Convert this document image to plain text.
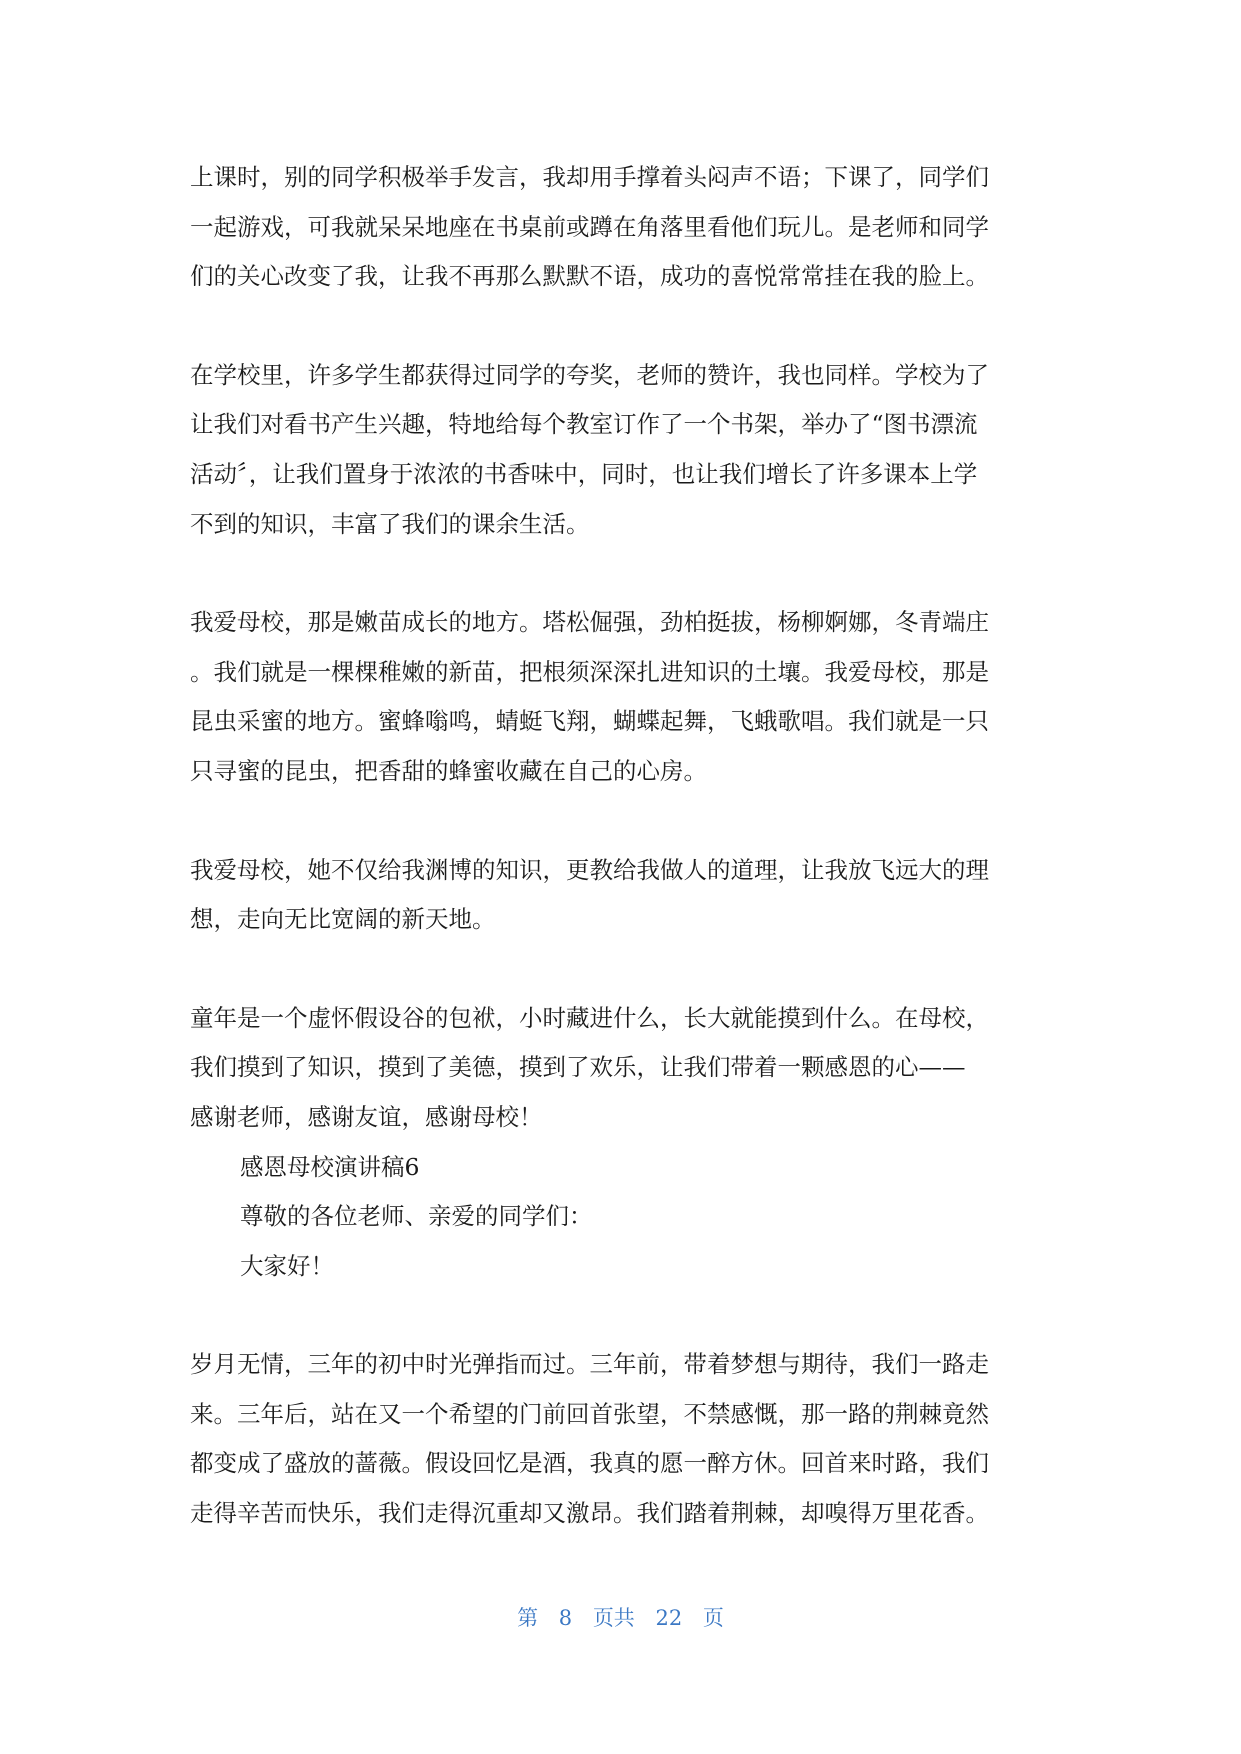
上课时，别的同学积极举手发言，我却用手撑着头闷声不语；下课了，同学们
一起游戏，可我就呆呆地座在书桌前或蹲在角落里看他们玩儿。是老师和同学
们的关心改变了我，让我不再那么默默不语，成功的喜悦常常挂在我的脸上。

在学校里，许多学生都获得过同学的夸奖，老师的赞许，我也同样。学校为了
让我们对看书产生兴趣，特地给每个教室订作了一个书架，举办了“图书漂流
活动〞，让我们置身于浓浓的书香味中，同时，也让我们增长了许多课本上学
不到的知识，丰富了我们的课余生活。

我爱母校，那是嫩苗成长的地方。塔松倔强，劲柏挺拔，杨柳婀娜，冬青端庄
。我们就是一棵棵稚嫩的新苗，把根须深深扎进知识的土壤。我爱母校，那是
昆虫采蜜的地方。蜜蜂嗡鸣，蜻蜓飞翔，蝴蝶起舞，飞蛾歌唱。我们就是一只
只寻蜜的昆虫，把香甜的蜂蜜收藏在自己的心房。

我爱母校，她不仅给我渊博的知识，更教给我做人的道理，让我放飞远大的理
想，走向无比宽阔的新天地。

童年是一个虚怀假设谷的包袱，小时藏进什么，长大就能摸到什么。在母校，
我们摸到了知识，摸到了美德，摸到了欢乐，让我们带着一颗感恩的心——
感谢老师，感谢友谊，感谢母校！

感恩母校演讲稿6

尊敬的各位老师、亲爱的同学们：

大家好！

岁月无情，三年的初中时光弹指而过。三年前，带着梦想与期待，我们一路走
来。三年后，站在又一个希望的门前回首张望，不禁感慨，那一路的荆棘竟然
都变成了盛放的蔷薇。假设回忆是酒，我真的愿一醉方休。回首来时路，我们
走得辛苦而快乐，我们走得沉重却又激昂。我们踏着荆棘，却嗅得万里花香。

第 8 页共 22 页
